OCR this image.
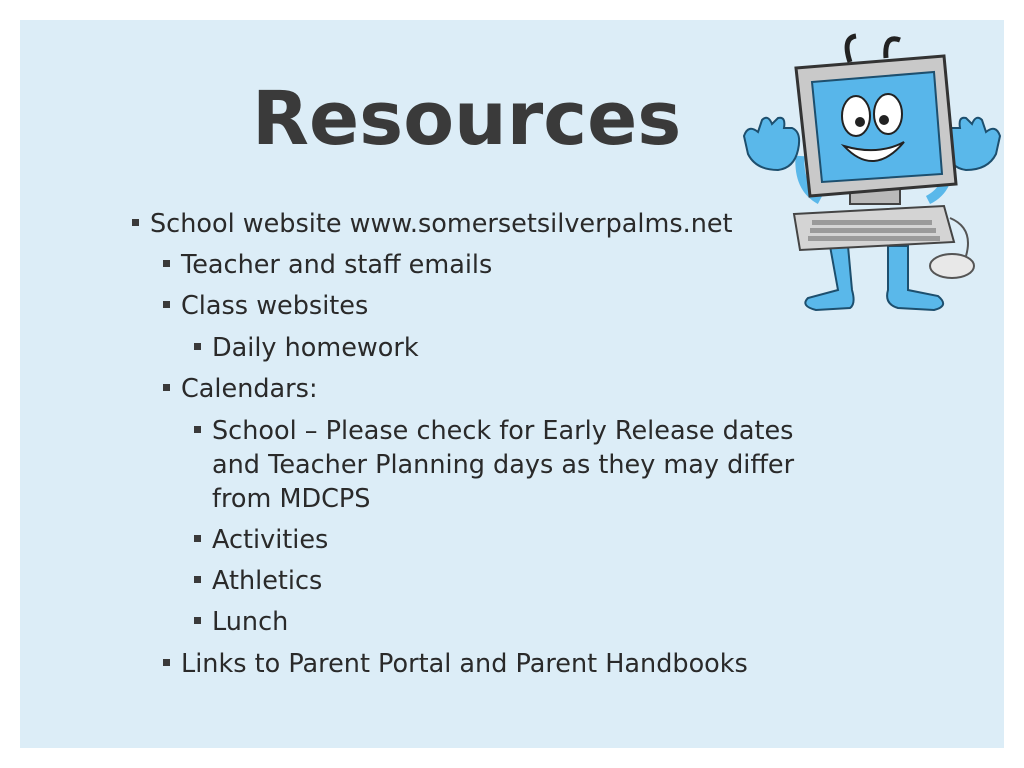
Resources
School website www.somersetsilverpalms.net
Teacher and staff emails
Class websites
Daily homework
Calendars:
School – Please check for Early Release dates and Teacher Planning days as they may differ from MDCPS
Activities
Athletics
Lunch
Links to Parent Portal and Parent Handbooks
